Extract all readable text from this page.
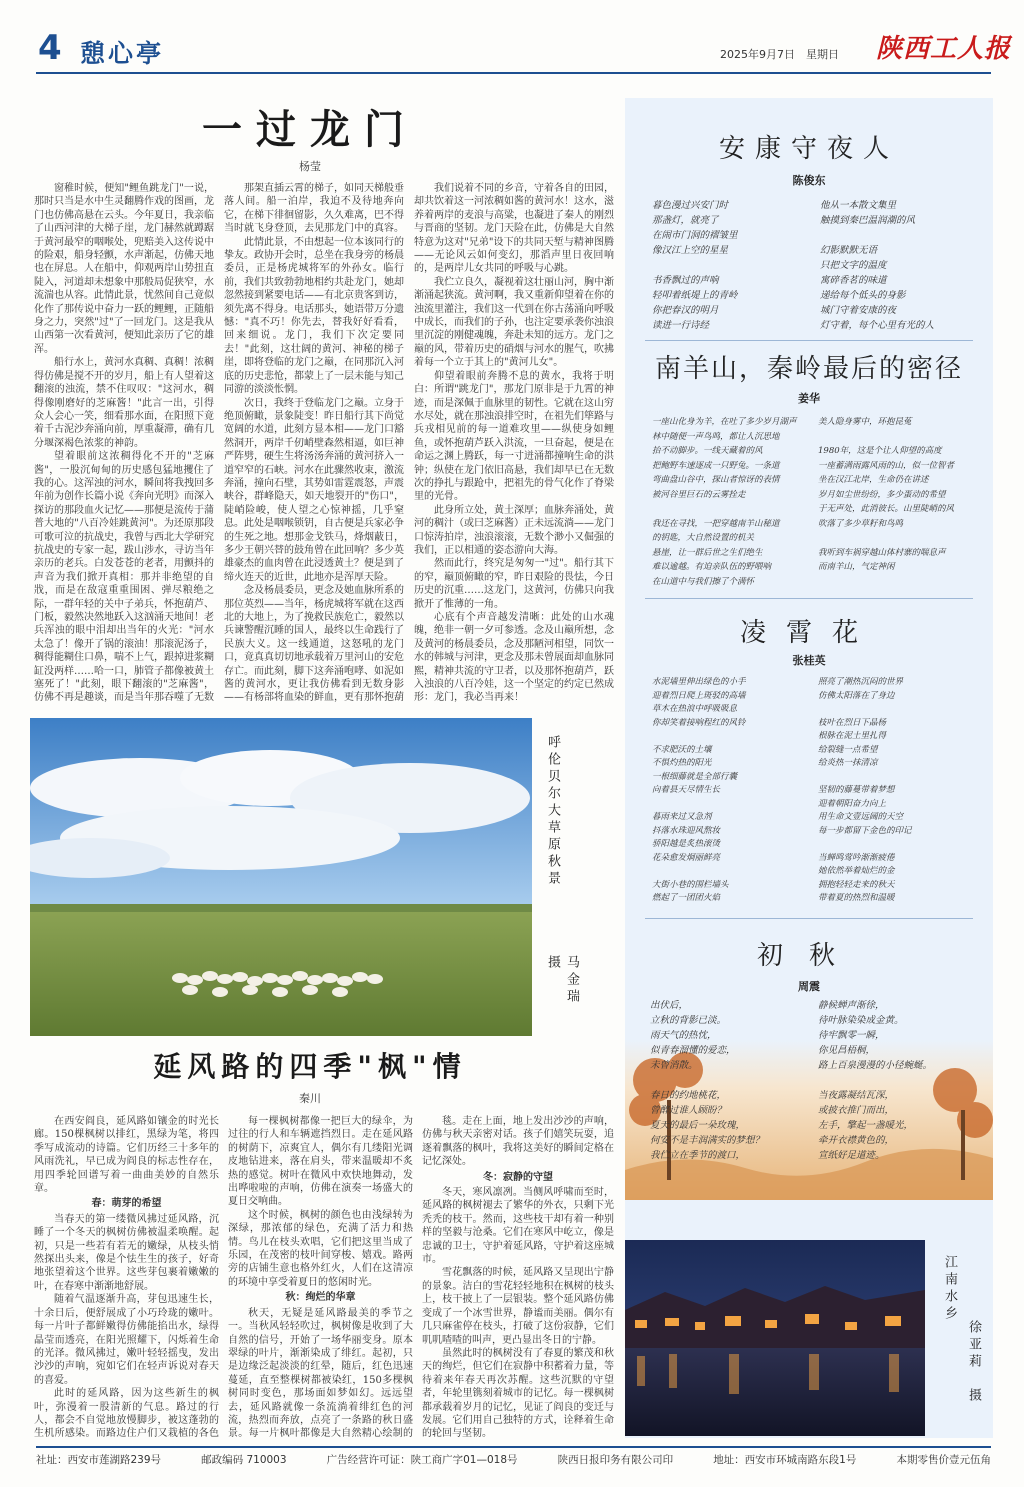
4 憩心亭	2025年9月7日　星期日 陕西工人报
一过龙门
杨莹

窗稚时候，便知"鲤鱼跳龙门"一说，那时只当是水中生灵翻腾作戏的图画，龙门也仿佛高悬在云头。今年夏日，我亲临了山西河津的大梯子崖，龙门赫然就蹲踞于黄河最窄的咽喉处，兜赔美入这传说中的险艰，船身轻颤，水声渐起，仿佛天地也在屏息。人在船中，仰观两岸山势扭直陡入，河道却未想象中那般局促狭窄，水流湍也从容。此情此景，忧然间自己竟似化作了那传说中奋力一跃的鲤鲤，正随船身之力，突然"过"了一回龙门。这是我从山西第一次看黄河，便知此亲历了它的雄浑。

船行水上，黄河水真稠、真稠！浓稠得仿佛是搅不开的岁月，船上有人望着这翻滚的浊流，禁不住叹叹："这河水，稠得像刚磨好的芝麻酱！"此言一出，引得众人会心一笑，细看那水面，在阳照下竟着千古泥沙奔涌向前，厚重凝滞，确有几分堰深褐色浓浆的神韵。

望着眼前这浓稠得化不开的"芝麻酱"，一股沉甸甸的历史感包猛地攫住了我的心。这浑浊的河水，瞬间将我拽回多年前为创作长篇小说《奔向光明》而深入探访的那段血火记忆——那便是流传于蒲普大地的"八百冷娃跳黄河"。为还原那段可歌可泣的抗战史，我曾与西北大学研究抗战史的专家一起，跋山涉水，寻访当年亲历的老兵。白发苍苍的老者，用颤抖的声音为我们掀开真相：那并非绝望的自戕，而是在敌寇重重围困、弹尽粮绝之际，一群年轻的关中子弟兵，怀抱葫芦、门板，毅然决然地跃入这汹涌天地间！老兵浑浊的眼中泪却出当年的火光："河水太急了！像开了锅的滚油！那滚泥汤子，稠得能糊住口鼻，喘不上气，跟掉进浆糊缸没两样……哈一口，肺管子都像被黄土塞死了！"此刻，眼下翻滚的"芝麻酱"，仿佛不再是趣谈，而是当年那吞噬了无数

那架直插云霄的梯子，如同天梯般垂落人间。船一泊岸，我迫不及待地奔向它，在梯下徘徊留影，久久难离，巴不得当时就飞身登顶，去见那龙门中的真容。

此情此景，不由想起一位本该同行的挚友。政协开会时，总坐在我身旁的杨晨委员，正是杨虎城将军的外孙女。临行前，我们共致勃勃地相约共赴龙门，她却忽然接到紧要电话——有北京贵客到访，须先离不得身。电话那头，她语带万分遗憾："真不巧！你先去，替我好好看看，回来细说。龙门，我们下次定要同去！"此刻，这壮阔的黄河、神秘的梯子崖，即将登临的龙门之巅，在同那沉入河底的历史悲怆，都蒙上了一层未能与知己同游的淡淡怅惘。

次日，我终于登临龙门之巅。立身于绝顶俯瞰，景象陡变！昨日船行其下尚觉宽阔的水道，此刻方显本相——龙门口豁然洞开，两岸千仞峭壁森然相逼，如巨神严阵劈，硬生生将汤汤奔涌的黄河挤入一道窄窄的石峡。河水在此骤然收束，激流奔涌，撞向石壁，其势如雷霆震怒，声震峡谷，群峰隐天，如天地裂开的"伤口"，陡峭险峻，使人望之心惊神摇，几乎窒息。此处是咽喉锁钥，自古便是兵家必争的生死之地。想那金戈铁马，烽烟蔽日，多少王朝兴替的鼓角曾在此回响？多少英雄豪杰的血肉曾在此浸透黄土？便是到了缔火连天的近世，此地亦是浑厚天险。

念及杨晨委员，更念及她血脉所系的那位英烈——当年，杨虎城将军就在这西北的大地上，为了挽救民族危亡，毅然以兵谏警醒沉睡的国人，最终以生命践行了民族大义。这一线通道，这怒吼的龙门口，竟真真切切地承载着万里河山的安危存亡。而此刻，脚下这奔涌咆哮、如泥如酱的黄河水，更让我仿佛看到无数身影——有杨部将血染的鲜血，更有那怀抱葫

我们说着不同的乡音，守着各自的田园，却共饮着这一河浓稠如酱的黄河水！这水，滋养着两岸的麦浪与高粱，也凝进了秦人的刚烈与晋商的坚韧。龙门天险在此，仿佛是大自然特意为这对"兄弟"设下的共同天堑与精神图腾——无论风云如何变幻，那滔声里日夜回响的，是两岸儿女共同的呼吸与心跳。

我伫立良久，凝视着这壮丽山河，胸中渐渐涌起狭流。黄河啊，我又重新仰望着在你的浊流里灌注，我们这一代到在你古荡涌向呼吸中成长，而我们的子孙，也注定要承袭你浊浪里沉淀的刚健魂魄，奔赴未知的远方。龙门之巅的风，带着历史的硝烟与河水的腥气，吹拂着每一个立于其上的"黄河儿女"。

仰望着眼前奔腾不息的黄水，我将于明白：所谓"跳龙门"，那龙门原非是于九霄的神迹，而是深佩于血脉里的韧性。它就在这山穷水尽处，就在那浊浪排空时，在祖先们筚路与兵戎相见前的每一道难攻里——纵使身如鲤鱼，或怀抱葫芦跃入洪流，一旦奋起，便是在命运之渊上腾跃，每一寸迸涌都撞响生命的洪钟；纵使在龙门依旧高悬，我们却早已在无数次的挣扎与跟跄中，把祖先的骨气化作了脊梁里的光骨。

此身所立处，黄土深厚；血脉奔涌处，黄河的稠汁（或曰芝麻酱）正未远流淌——龙门口惊涛拍岸，浊浪滚滚，无数个渺小又倔强的我们，正以相通的姿态游向大海。

然而此行，终究是匆匆一"过"。船行其下的窄，巅顶俯瞰的窄，昨日艰险的畏怯，今日历史的沉重……这龙门，这黄河，仿佛只向我掀开了惟薄的一角。

心底有个声音越发清晰：此处的山水魂魄，绝非一朝一夕可参透。念及山巅所想，念及黄河的杨晨委员，念及那陋河相望，同饮一水的韩城与河津，更念及那未曾展面却血脉同熙，精神共流的守卫者，以及那怀抱葫芦，跃入浊浪的八百冷娃，这一个坚定的约定已然成形：龙门，我必当再来！

呼伦贝尔大草原秋景
马金瑞　摄
延风路的四季"枫"情
秦川

在西安阎良，延风路如镶金的时光长廊。150棵枫树以排红，黑绿为笔，将四季写成流动的诗篇。它们历经三十多年的风雨洗礼，早已成为阎良的标志性存在，用四季轮回谱写着一曲曲美妙的自然乐章。

春：萌芽的希望

当春天的第一缕微风拂过延风路，沉睡了一个冬天的枫树仿佛被温柔唤醒。起初，只是一些若有若无的嫩绿，从枝头悄然探出头来，像是个怯生生的孩子，好奇地张望着这个世界。这些芽包裹着嫩嫩的叶，在春寒中渐渐地舒展。

随着气温逐渐升高，芽包迅速生长，十余日后，便舒展成了小巧玲珑的嫩叶。每一片叶子都鲜嫩得仿佛能掐出水，绿得晶莹而透亮，在阳光照耀下，闪烁着生命的光泽。微风拂过，嫩叶轻轻摇曳，发出沙沙的声响，宛如它们在轻声诉说对春天的喜爱。

此时的延风路，因为这些新生的枫叶，弥漫着一股清新的气息。路过的行人，都会不自觉地放慢脚步，被这蓬勃的生机所感染。而路边住户们又栽植的各色

每一棵枫树都像一把巨大的绿伞，为过往的行人和车辆遮挡烈日。走在延风路的树荫下，凉爽宜人，偶尔有几缕阳光调皮地钻进来，落在肩头，带来温暖却不炙热的感觉。树叶在微风中欢快地舞动，发出哗啦啦的声响，仿佛在演奏一场盛大的夏日交响曲。

这个时候，枫树的颜色也由浅绿转为深绿，那浓郁的绿色，充满了活力和热情。鸟儿在枝头欢唱，它们把这里当成了乐园，在茂密的枝叶间穿梭、嬉戏。路两旁的店铺生意也格外红火，人们在这清凉的环境中享受着夏日的悠闲时光。

秋：绚烂的华章

秋天，无疑是延风路最美的季节之一。当秋风轻轻吹过，枫树像是收到了大自然的信号，开始了一场华丽变身。原本翠绿的叶片，渐渐染成了绯红。起初，只是边缘泛起淡淡的红晕，随后，红色迅速蔓延，直至整棵树都被染红，150多棵枫树同时变色，那场面如梦如幻。远远望去，延风路就像一条流淌着绯红色的河流，热烈而奔放，点亮了一条路的秋日盛景。每一片枫叶都像是大自然精心绘制的

毯。走在上面，地上发出沙沙的声响，仿佛与秋天亲密对话。孩子们嬉笑玩耍，追逐着飘落的枫叶，我将这美好的瞬间定格在记忆深处。

冬：寂静的守望

冬天，寒风凛冽。当侧风呼啸而至时，延风路的枫树褪去了繁华的外衣，只剩下光秃秃的枝干。然而，这些枝干却有着一种别样的坚毅与沧桑。它们在寒风中屹立，像是忠诚的卫士，守护着延风路，守护着这座城市。

雪花飘落的时候，延风路又呈现出宁静的景象。洁白的雪花轻轻地积在枫树的枝头上，枝干披上了一层银装。整个延风路仿佛变成了一个冰雪世界，静谧而美丽。偶尔有几只麻雀停在枝头，打破了这份寂静，它们叽叽喳喳的叫声，更凸显出冬日的宁静。

虽然此时的枫树没有了春夏的繁茂和秋天的绚烂，但它们在寂静中积蓄着力量，等待着来年春天再次苏醒。这些沉默的守望者，年轮里镌刻着城市的记忆。每一棵枫树都承载着岁月的记忆，见证了阎良的变迁与发展。它们用自己独特的方式，诠释着生命的轮回与坚韧。

安康守夜人
陈俊东
暮色漫过兴安门时
那盏灯，就亮了
在闹市门洞的褶皱里
像汉江上空的星星

书香飘过的声响
轻叩着纸堤上的青岭
你把春汉的明月
读进一行诗经
他从一本散文集里
触摸到秦巴温润潮的风

幻影默默无语
只把文字的温度
寓碎香茗的味道
递给每个低头的身影
城门守着安康的夜
灯守着，每个心里有光的人
南羊山，秦岭最后的密径
姜华
一座山化身为羊，在吐了多少岁月湖声
林中随便一声鸟鸣，都让人沉思地
抬不动脚步。一线天藏着的风
把鲍野车速逐成一只野兔。一条道
弯曲盘山谷中，探山者惊讶的表情
被河谷里巨石的云雾拴走

我还在寻找，一把穿越南羊山秘道
的钥匙，大自然设置的机关
悬崖，让一群后世之生们绝生
难以逾越。有迫亲队伍的野喂响
在山道中与我们擦了个满怀
美人隐身雾中，环抱昆菟

1980年，这是个让人仰望的高度
一座蓄满雨露风雨的山，似一位智者
坐在汉江北岸，生命仍在讲述
岁月如尘世纷纷，多少蛋动的希望
于无声处，此消彼长。山里陡峭的风
吹落了多少草籽和鸟鸣

我听到车祸穿越山体村寨的喘息声
而南羊山，气定神闲
凌霄花
张桂英
水泥墙里伸出绿色的小手
迎着烈日爬上斑驳的高墙
草木在热浪中呼吸吸息
你却笑着接响程红的风铃

不求肥沃的土壤
不惧灼热的阳光
一根细藤就是全部行囊
向着县天尽情生长

暮雨来过又急剂
抖落水珠迎风熬妆
骄阳越是炙热滚烫
花朵愈发炯丽鲜亮

大街小巷的围栏墙头
燃起了一团团火焰
照亮了潮热沉闷的世界
仿佛太阳落在了身边

枝叶在烈日下晶杨
根脉在泥土里扎得
给裂缝一点希望
给炎热一抹清凉

坚韧的藤蔓带着梦想
迎着朝阳奋力向上
用生命文壹远阔的天空
每一步都留下金色的印记

当蝉鸣莺吟渐渐疲倦
她依然举着灿烂的金
拥抱轻轻走来的秋天
带着夏的热烈和温暖
初秋
周震
出伏后，
立秋的背影已淡。
雨天气的热忱，
似青春溜懂的爱恋，
未曾消散。

春日的约地桃花，
曾醉过谁人顾盼？
夏天的最后一朵玫瑰，
何安不是丰润满实的梦想？
我伫立在季节的渡口，
静候蝉声渐徐，
待叶脉染染成金黄。
待牢飘零一瞬，
你见昌梧桐，
路上百泉漫漫的小径蜿蜒。

当夜露凝结瓦深，
或披衣推门而出，
左手，擎起一盏暖光，
牵开衣襟黄色的，
宣纸好足道迹。
江南水乡
徐亚莉　摄
社址：西安市莲湖路239号	邮政编码 710003	广告经营许可证：陕工商广字01—018号	陕西日报印务有限公司印	地址：西安市环城南路东段1号	本期零售价壹元伍角
